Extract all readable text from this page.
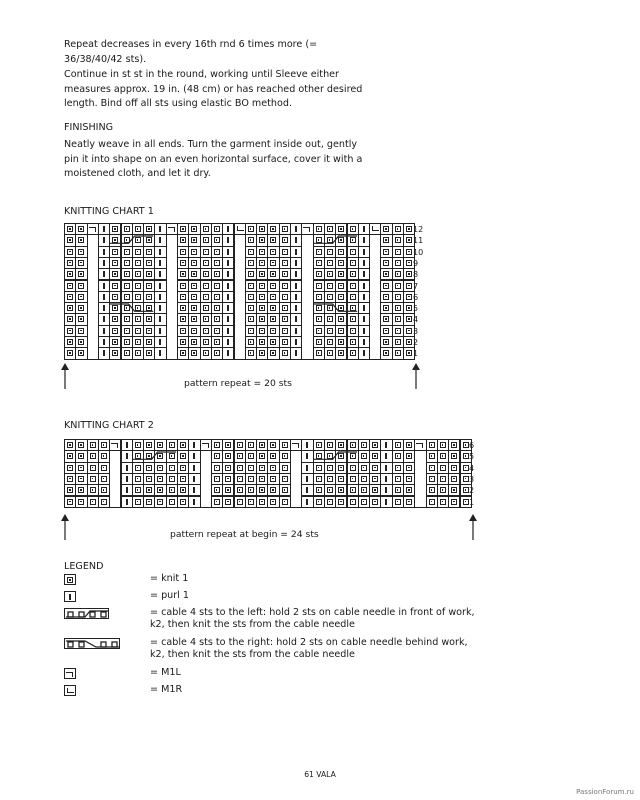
Repeat decreases in every 16th rnd 6 times more (= 36/38/40/42 sts).
Continue in st st in the round, working until Sleeve either measures approx. 19 in. (48 cm) or has reached other desired length. Bind off all sts using elastic BO method.
FINISHING
Neatly weave in all ends. Turn the garment inside out, gently pin it into shape on an even horizontal surface, cover it with a moistened cloth, and let it dry.
KNITTING CHART 1
12
11
10
9
8
7
6
5
4
3
2
1
pattern repeat = 20 sts
KNITTING CHART 2
6
5
4
3
2
1
pattern repeat at begin = 24 sts
LEGEND
= knit 1
= purl 1
= cable 4 sts to the left: hold 2 sts on cable needle in front of work, k2, then knit the sts from the cable needle
= cable 4 sts to the right: hold 2 sts on cable needle behind work, k2, then knit the sts from the cable needle
= M1L
= M1R
61 VALA
PassionForum.ru
